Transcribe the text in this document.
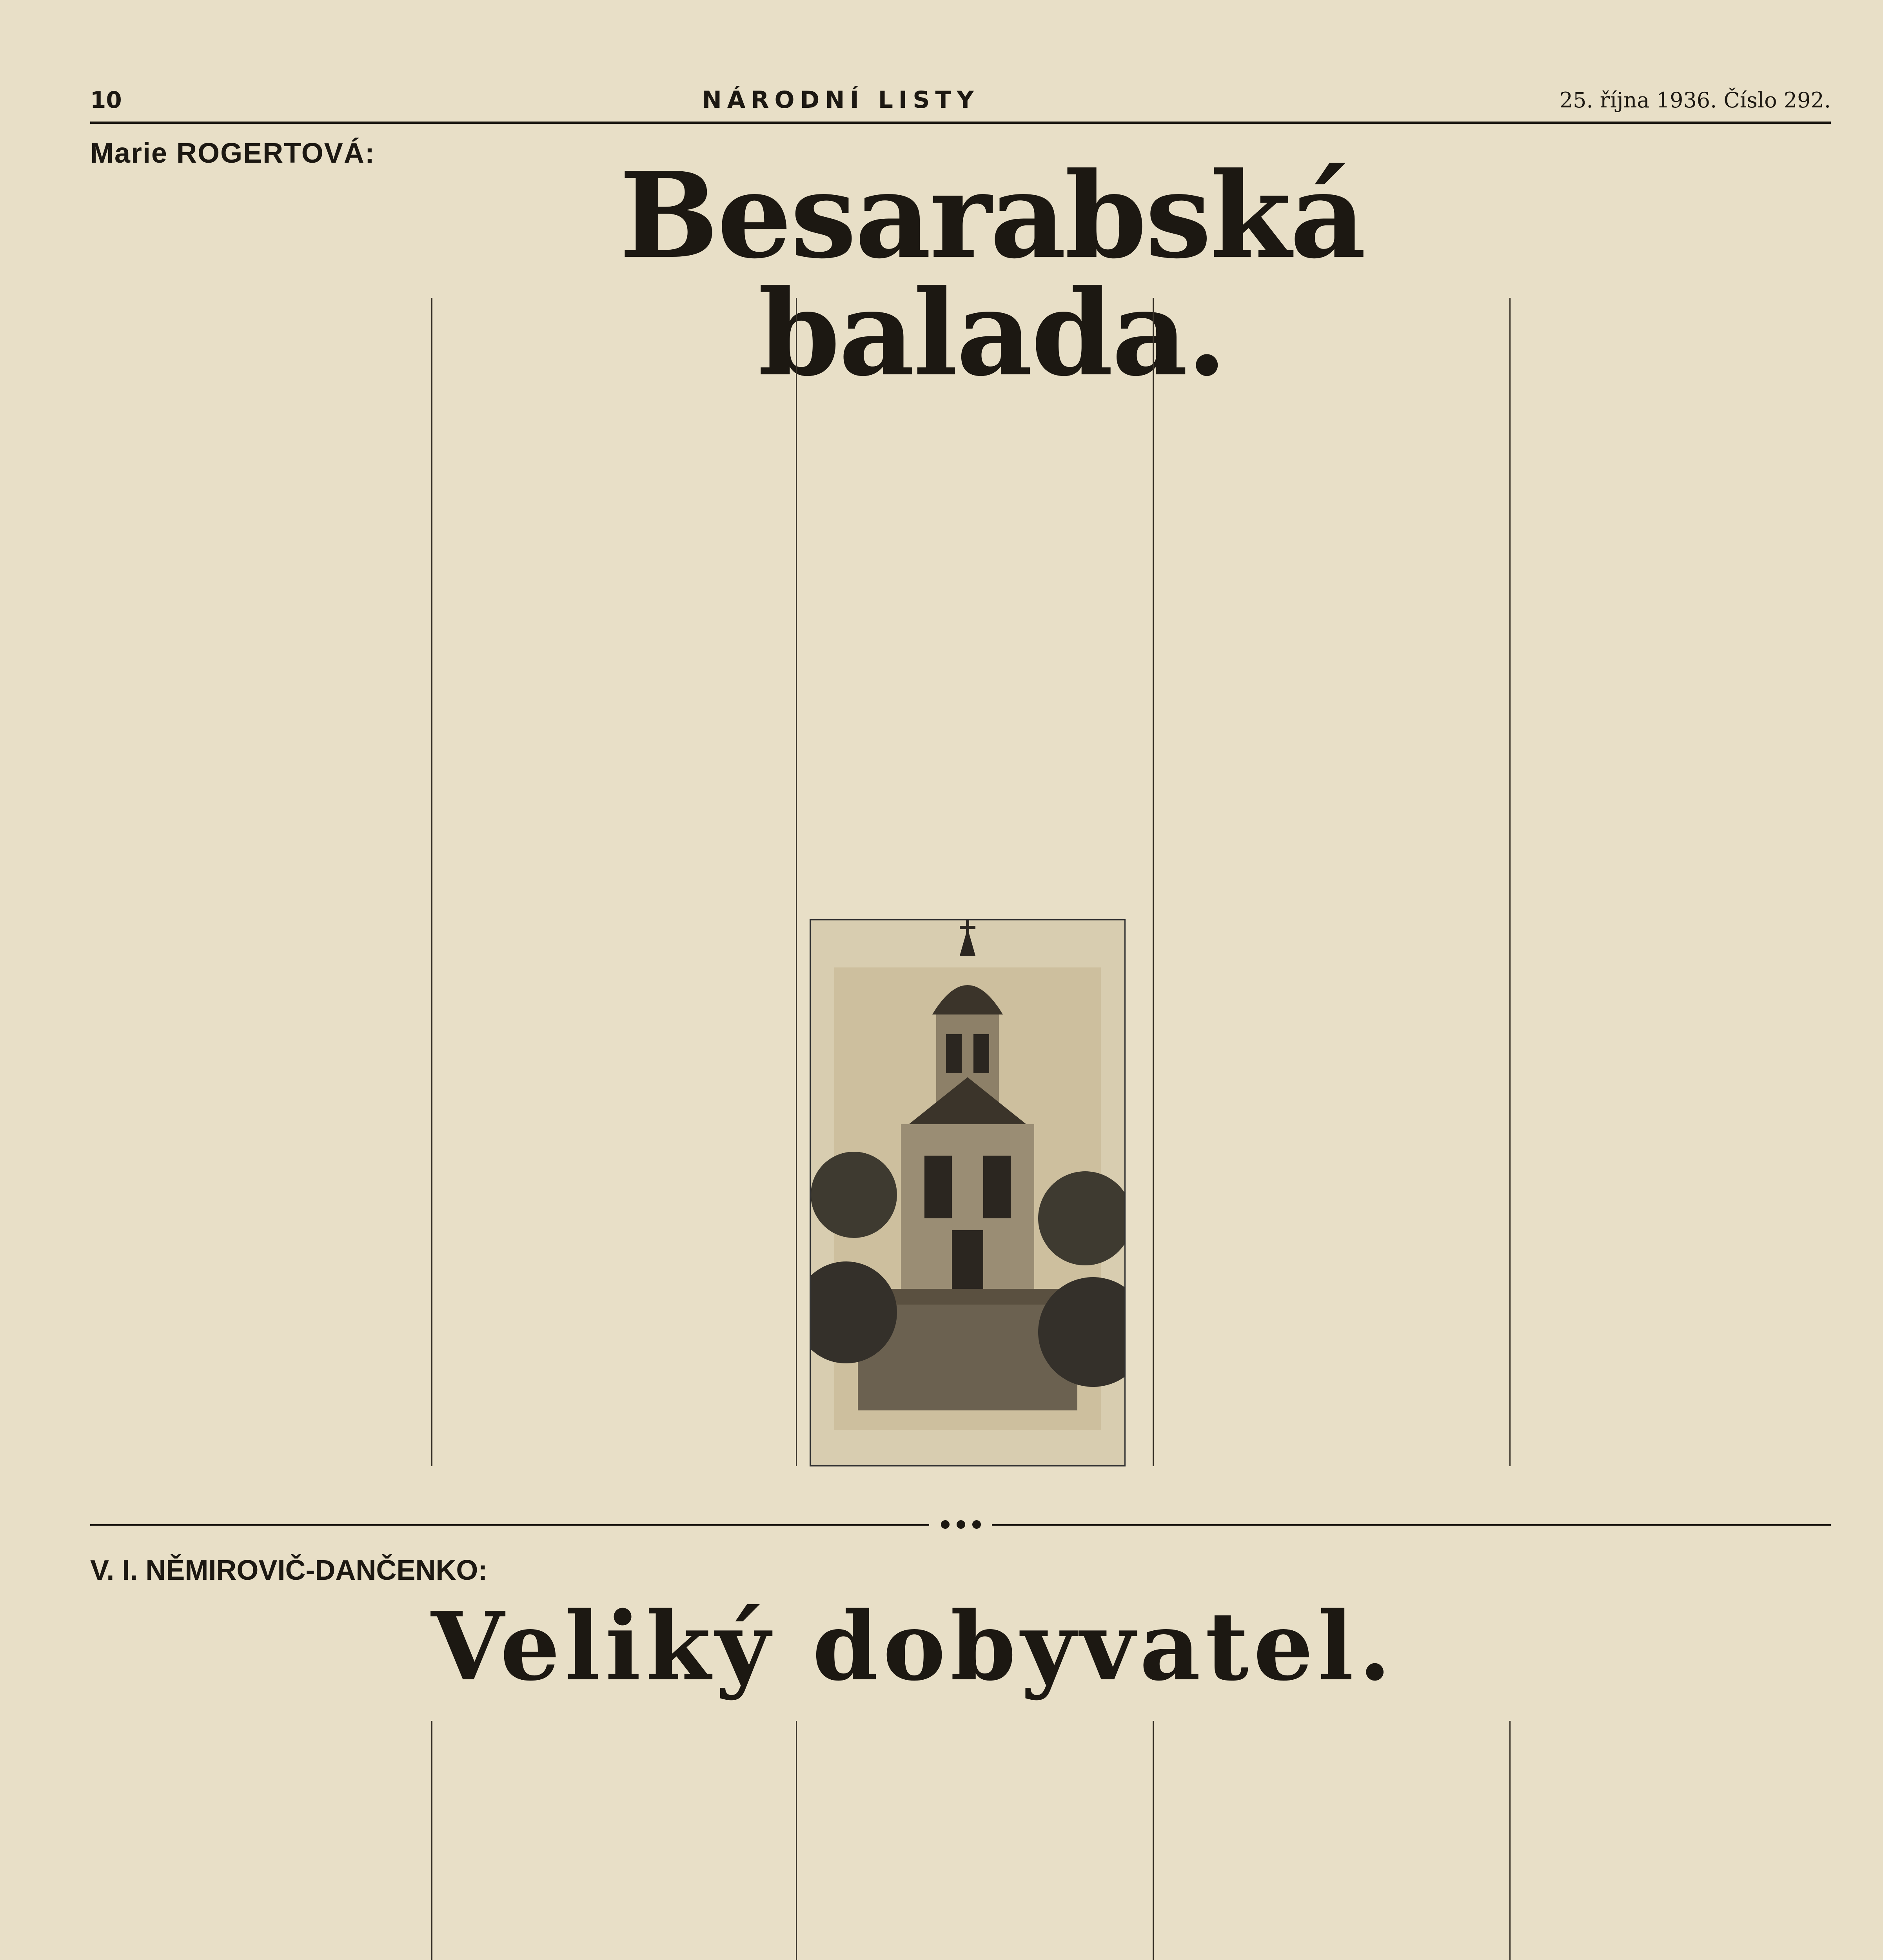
10	NÁRODNÍ LISTY	25. října 1936. Číslo 292.
Marie ROGERTOVÁ:	Besarabská balada.
V. I. NĚMIROVIČ-DANČENKO:
Veliký dobyvatel.
